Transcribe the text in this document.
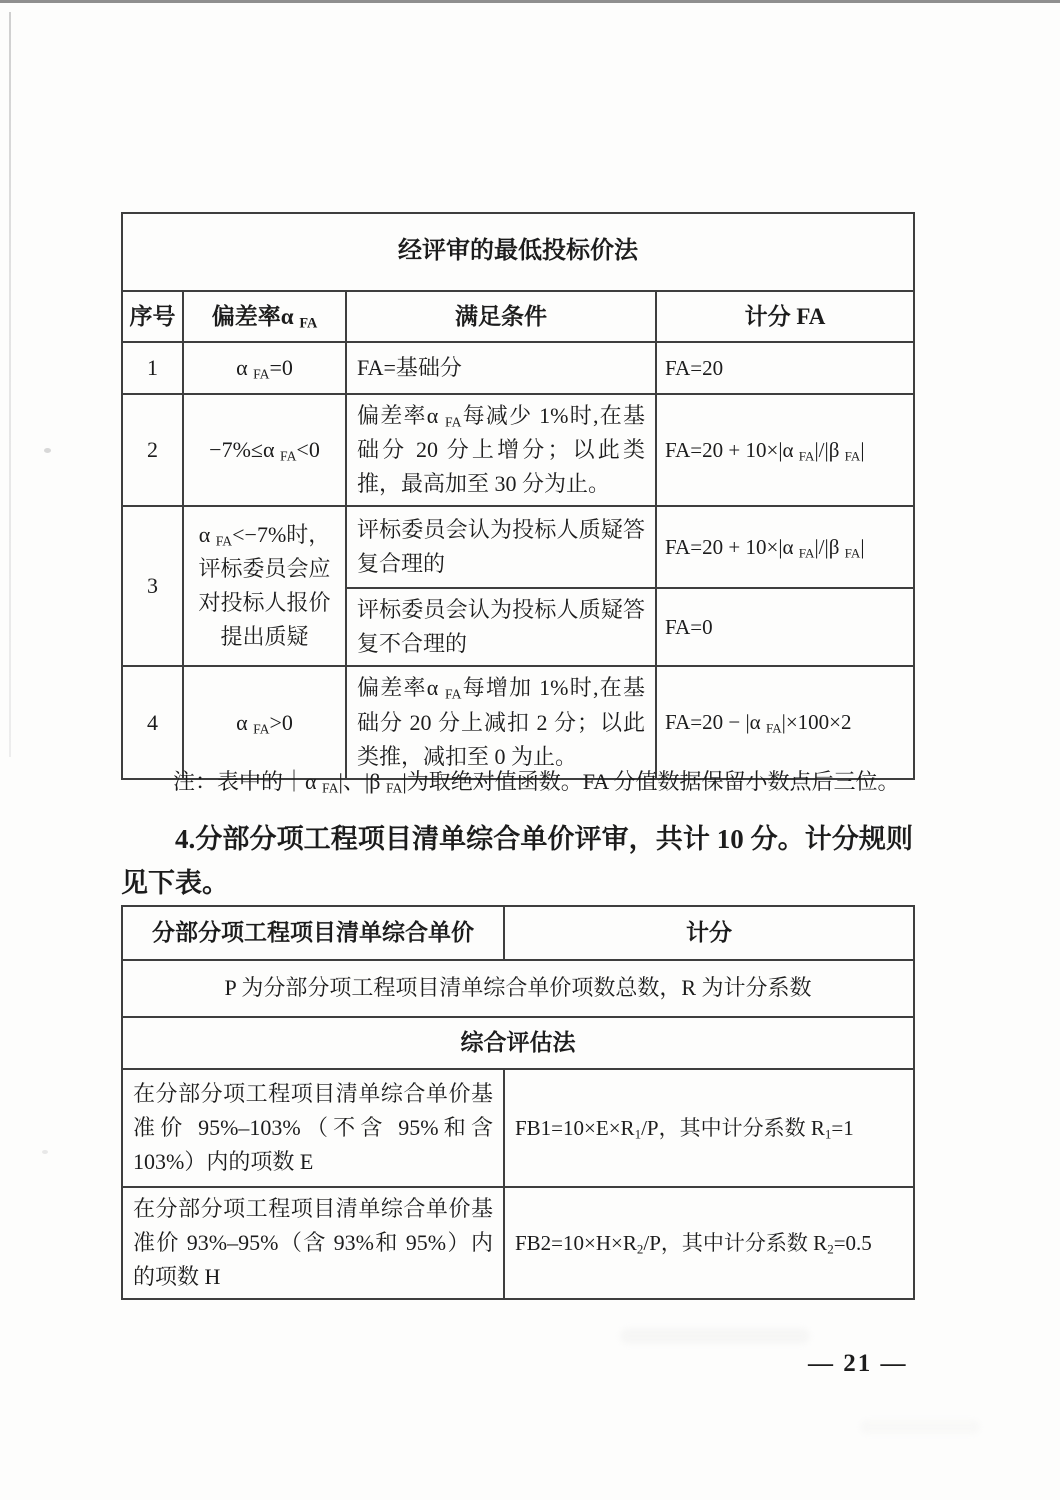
经评审的最低投标价法			
序号	偏差率α $_{FA}$	满足条件	计分 FA
1	α $_{FA}$=0	FA=基础分	FA=20
2	−7%≤α $_{FA}$<0	偏差率α $_{FA}$每减少 1%时,在基础分 20 分上增分；以此类推，最高加至 30 分为止。	FA=20 + 10×|α $_{FA}$|/|β $_{FA}$|
3	α $_{FA}$<−7%时，评标委员会应对投标人报价提出质疑	评标委员会认为投标人质疑答复合理的	FA=20 + 10×|α $_{FA}$|/|β $_{FA}$|
		评标委员会认为投标人质疑答复不合理的	FA=0
4	α $_{FA}$>0	偏差率α $_{FA}$每增加 1%时,在基础分 20 分上减扣 2 分；以此类推，减扣至 0 为止。	FA=20 − |α $_{FA}$|×100×2
注：表中的｜α $_{FA}$|、|β $_{FA}$|为取绝对值函数。FA 分值数据保留小数点后三位。
4.分部分项工程项目清单综合单价评审，共计 10 分。计分规则见下表。
分部分项工程项目清单综合单价	计分
P 为分部分项工程项目清单综合单价项数总数，R 为计分系数	
综合评估法	
在分部分项工程项目清单综合单价基准价 95%–103%（不含 95%和含 103%）内的项数 E	$FB1=10\times E\times R_1/P$，其中计分系数 $R_1=1$
在分部分项工程项目清单综合单价基准价 93%–95%（含 93%和 95%）内的项数 H	$FB2=10\times H\times R_2/P$，其中计分系数 $R_2=0.5$
— 21 —
